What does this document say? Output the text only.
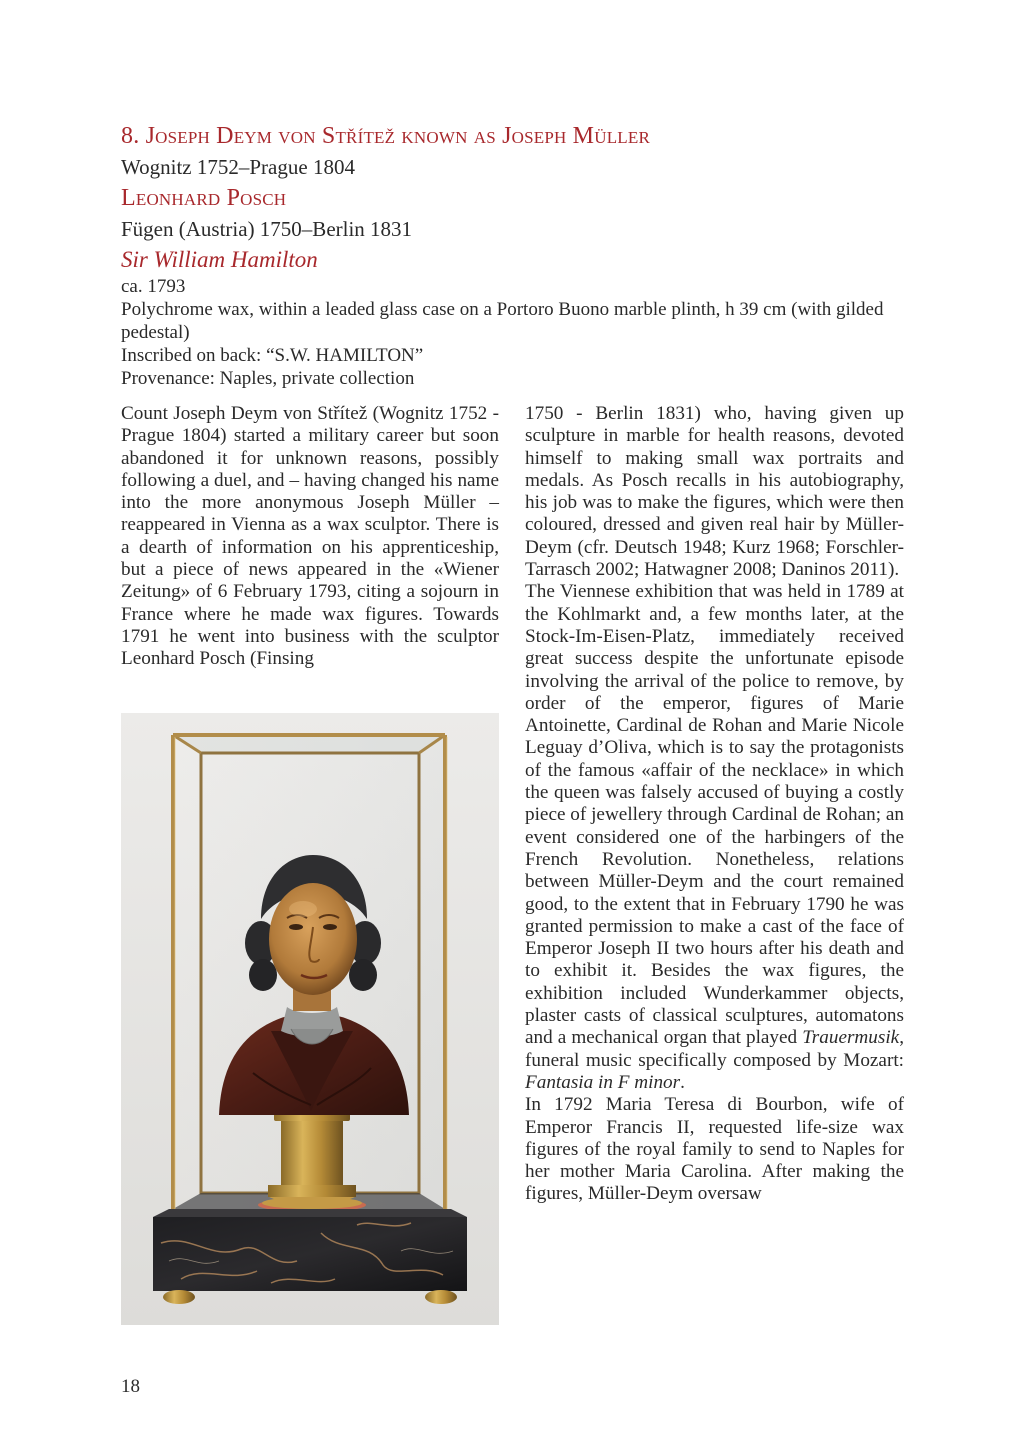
8. Joseph Deym von Střítež known as Joseph Müller
Wognitz 1752–Prague 1804
Leonhard Posch
Fügen (Austria) 1750–Berlin 1831
Sir William Hamilton
ca. 1793
Polychrome wax, within a leaded glass case on a Portoro Buono marble plinth, h 39 cm (with gilded pedestal)
Inscribed on back: “S.W. HAMILTON”
Provenance: Naples, private collection

Count Joseph Deym von Střítež (Wognitz 1752 - Prague 1804) started a military career but soon abandoned it for unknown reasons, possibly following a duel, and – having changed his name into the more anonymous Joseph Müller – reappeared in Vienna as a wax sculptor. There is a dearth of information on his apprenticeship, but a piece of news appeared in the «Wiener Zeitung» of 6 February 1793, citing a sojourn in France where he made wax figures. Towards 1791 he went into business with the sculptor Leonhard Posch (Finsing

1750 - Berlin 1831) who, having given up sculpture in marble for health reasons, devoted himself to making small wax portraits and medals. As Posch recalls in his autobiography, his job was to make the figures, which were then coloured, dressed and given real hair by Müller-Deym (cfr. Deutsch 1948; Kurz 1968; Forschler-Tarrasch 2002; Hatwagner 2008; Daninos 2011).

The Viennese exhibition that was held in 1789 at the Kohlmarkt and, a few months later, at the Stock-Im-Eisen-Platz, immediately received great success despite the unfortunate episode involving the arrival of the police to remove, by order of the emperor, figures of Marie Antoinette, Cardinal de Rohan and Marie Nicole Leguay d’Oliva, which is to say the protagonists of the famous «affair of the necklace» in which the queen was falsely accused of buying a costly piece of jewellery through Cardinal de Rohan; an event considered one of the harbingers of the French Revolution. Nonetheless, relations between Müller-Deym and the court remained good, to the extent that in February 1790 he was granted permission to make a cast of the face of Emperor Joseph II two hours after his death and to exhibit it. Besides the wax figures, the exhibition included Wunderkammer objects, plaster casts of classical sculptures, automatons and a mechanical organ that played Trauermusik, funeral music specifically composed by Mozart: Fantasia in F minor.

In 1792 Maria Teresa di Bourbon, wife of Emperor Francis II, requested life-size wax figures of the royal family to send to Naples for her mother Maria Carolina. After making the figures, Müller-Deym oversaw

18
